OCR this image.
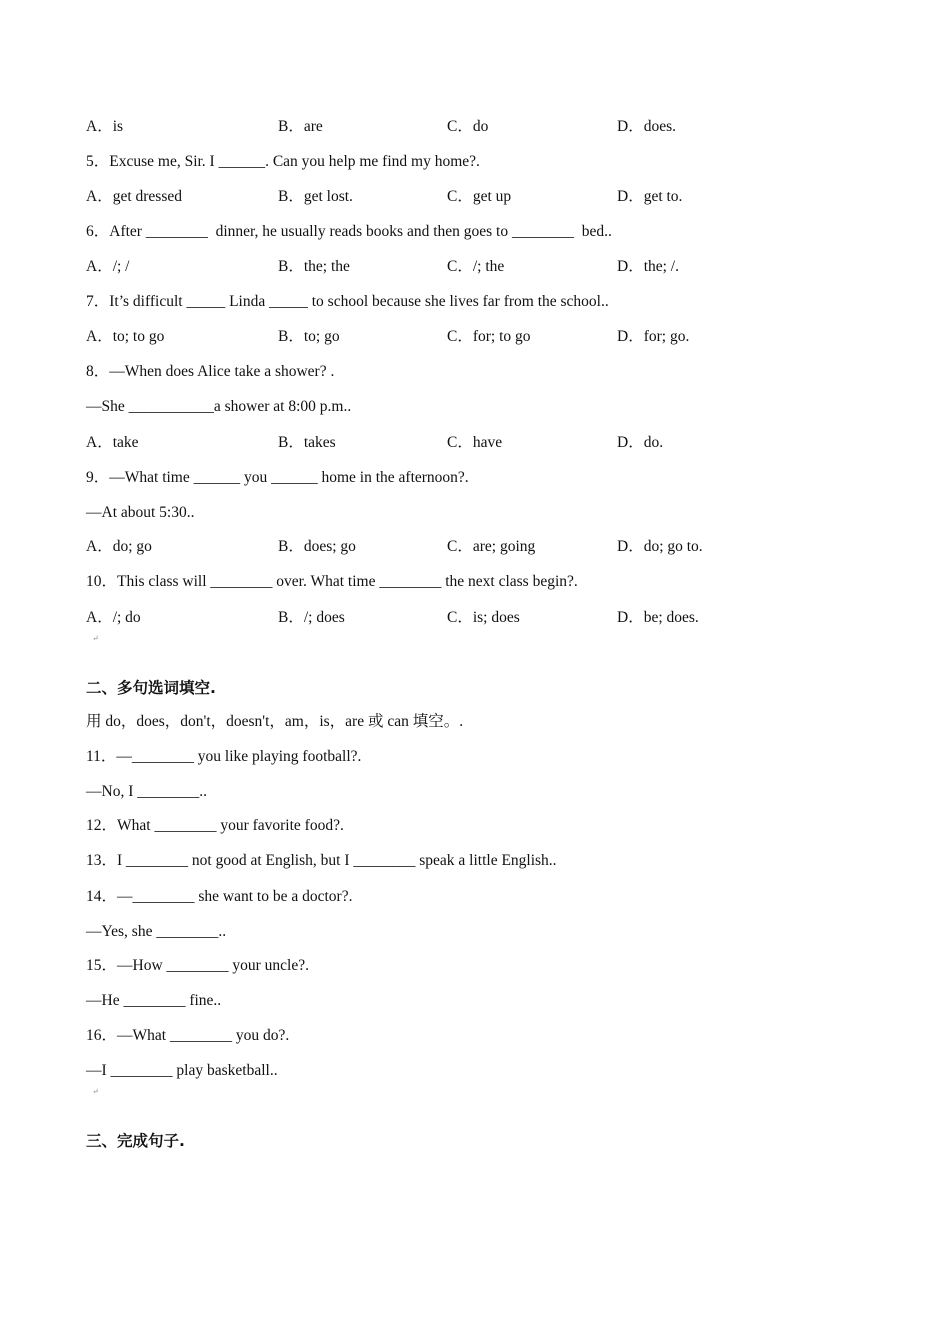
A．is	B．are	C．do	D．does.
5．Excuse me, Sir. I ______. Can you help me find my home?.
A．get dressed	B．get lost.	C．get up	D．get to.
6．After ________  dinner, he usually reads books and then goes to ________  bed..
A．/; /	B．the; the	C．/; the	D．the; /.
7．It’s difficult _____ Linda _____ to school because she lives far from the school..
A．to; to go	B．to; go	C．for; to go	D．for; go.
8．—When does Alice take a shower? .
—She ___________a shower at 8:00 p.m..
A．take	B．takes	C．have	D．do.
9．—What time ______ you ______ home in the afternoon?.
—At about 5:30..
A．do; go	B．does; go	C．are; going	D．do; go to.
10．This class will ________ over. What time ________ the next class begin?.
A．/; do	B．/; does	C．is; does	D．be; does.
↵
二、多句选词填空.
用 do，does，don't，doesn't，am，is，are 或 can 填空。.
11．—________ you like playing football?.
—No, I ________..
12．What ________ your favorite food?.
13．I ________ not good at English, but I ________ speak a little English..
14．—________ she want to be a doctor?.
—Yes, she ________..
15．—How ________ your uncle?.
—He ________ fine..
16．—What ________ you do?.
—I ________ play basketball..
↵
三、完成句子.
